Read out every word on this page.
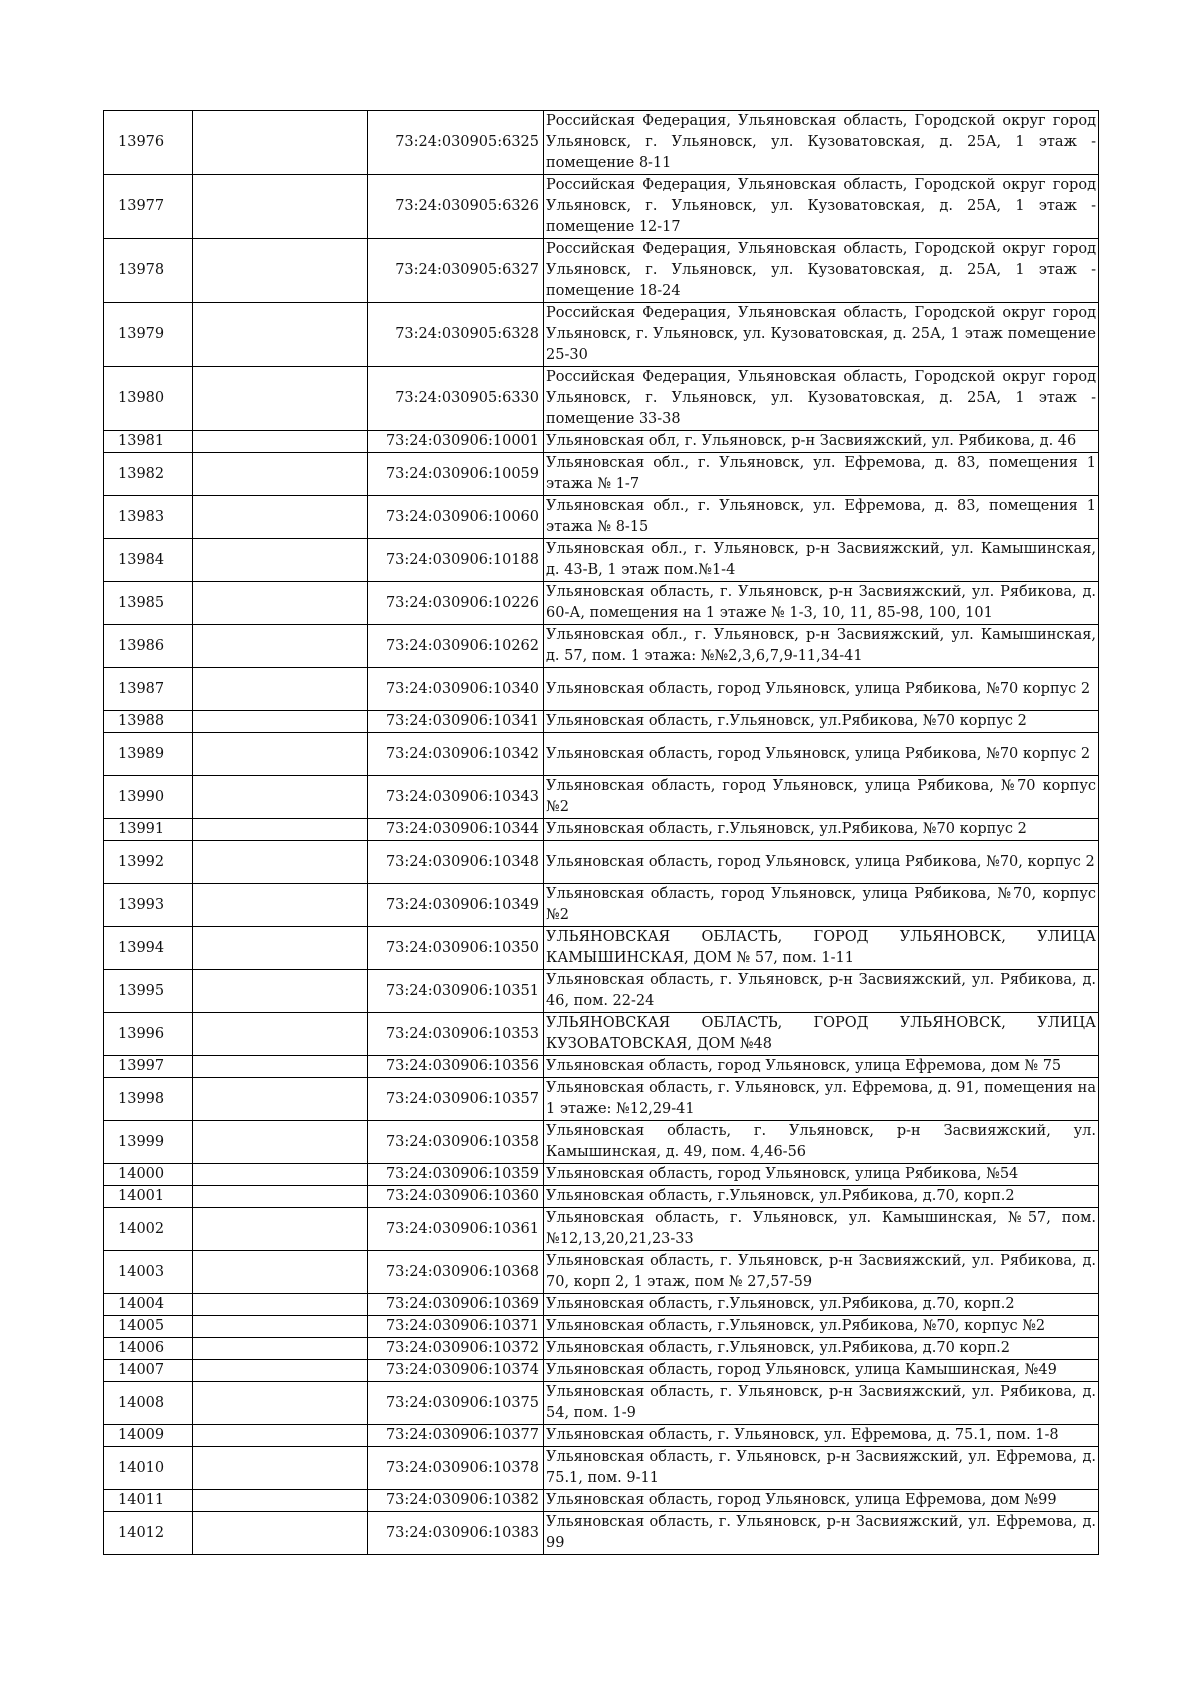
13976		73:24:030905:6325	Российская Федерация, Ульяновская область, Городской округ город Ульяновск, г. Ульяновск, ул. Кузоватовская, д. 25А, 1 этаж - помещение 8-11
13977		73:24:030905:6326	Российская Федерация, Ульяновская область, Городской округ город Ульяновск, г. Ульяновск, ул. Кузоватовская, д. 25А, 1 этаж - помещение 12-17
13978		73:24:030905:6327	Российская Федерация, Ульяновская область, Городской округ город Ульяновск, г. Ульяновск, ул. Кузоватовская, д. 25А, 1 этаж - помещение 18-24
13979		73:24:030905:6328	Российская Федерация, Ульяновская область, Городской округ город Ульяновск, г. Ульяновск, ул. Кузоватовская, д. 25А, 1 этаж помещение 25-30
13980		73:24:030905:6330	Российская Федерация, Ульяновская область, Городской округ город Ульяновск, г. Ульяновск, ул. Кузоватовская, д. 25А, 1 этаж - помещение 33-38
13981		73:24:030906:10001	Ульяновская обл, г. Ульяновск, р-н Засвияжский, ул. Рябикова, д. 46
13982		73:24:030906:10059	Ульяновская обл., г. Ульяновск, ул. Ефремова, д. 83, помещения 1 этажа № 1-7
13983		73:24:030906:10060	Ульяновская обл., г. Ульяновск, ул. Ефремова, д. 83, помещения 1 этажа № 8-15
13984		73:24:030906:10188	Ульяновская обл., г. Ульяновск, р-н Засвияжский, ул. Камышинская, д. 43-В, 1 этаж пом.№1-4
13985		73:24:030906:10226	Ульяновская область, г. Ульяновск, р-н Засвияжский, ул. Рябикова, д. 60-А, помещения на 1 этаже № 1-3, 10, 11, 85-98, 100, 101
13986		73:24:030906:10262	Ульяновская обл., г. Ульяновск, р-н Засвияжский, ул. Камышинская, д. 57, пом. 1 этажа: №№2,3,6,7,9-11,34-41
13987		73:24:030906:10340	Ульяновская область, город Ульяновск, улица Рябикова, №70 корпус 2
13988		73:24:030906:10341	Ульяновская область, г.Ульяновск, ул.Рябикова, №70 корпус 2
13989		73:24:030906:10342	Ульяновская область, город Ульяновск, улица Рябикова, №70 корпус 2
13990		73:24:030906:10343	Ульяновская область, город Ульяновск, улица Рябикова, №70 корпус №2
13991		73:24:030906:10344	Ульяновская область, г.Ульяновск, ул.Рябикова, №70 корпус 2
13992		73:24:030906:10348	Ульяновская область, город Ульяновск, улица Рябикова, №70, корпус 2
13993		73:24:030906:10349	Ульяновская область, город Ульяновск, улица Рябикова, №70, корпус №2
13994		73:24:030906:10350	УЛЬЯНОВСКАЯ ОБЛАСТЬ, ГОРОД УЛЬЯНОВСК, УЛИЦА КАМЫШИНСКАЯ, ДОМ № 57, пом. 1-11
13995		73:24:030906:10351	Ульяновская область, г. Ульяновск, р-н Засвияжский, ул. Рябикова, д. 46, пом. 22-24
13996		73:24:030906:10353	УЛЬЯНОВСКАЯ ОБЛАСТЬ, ГОРОД УЛЬЯНОВСК, УЛИЦА КУЗОВАТОВСКАЯ, ДОМ №48
13997		73:24:030906:10356	Ульяновская область, город Ульяновск, улица Ефремова, дом № 75
13998		73:24:030906:10357	Ульяновская область, г. Ульяновск, ул. Ефремова, д. 91, помещения на 1 этаже: №12,29-41
13999		73:24:030906:10358	Ульяновская область, г. Ульяновск, р-н Засвияжский, ул. Камышинская, д. 49, пом. 4,46-56
14000		73:24:030906:10359	Ульяновская область, город Ульяновск, улица Рябикова, №54
14001		73:24:030906:10360	Ульяновская область, г.Ульяновск, ул.Рябикова, д.70, корп.2
14002		73:24:030906:10361	Ульяновская область, г. Ульяновск, ул. Камышинская, №57, пом. №12,13,20,21,23-33
14003		73:24:030906:10368	Ульяновская область, г. Ульяновск, р-н Засвияжский, ул. Рябикова, д. 70, корп 2, 1 этаж, пом № 27,57-59
14004		73:24:030906:10369	Ульяновская область, г.Ульяновск, ул.Рябикова, д.70, корп.2
14005		73:24:030906:10371	Ульяновская область, г.Ульяновск, ул.Рябикова, №70, корпус №2
14006		73:24:030906:10372	Ульяновская область, г.Ульяновск, ул.Рябикова, д.70 корп.2
14007		73:24:030906:10374	Ульяновская область, город Ульяновск, улица Камышинская, №49
14008		73:24:030906:10375	Ульяновская область, г. Ульяновск, р-н Засвияжский, ул. Рябикова, д. 54, пом. 1-9
14009		73:24:030906:10377	Ульяновская область, г. Ульяновск, ул. Ефремова, д. 75.1, пом. 1-8
14010		73:24:030906:10378	Ульяновская область, г. Ульяновск, р-н Засвияжский, ул. Ефремова, д. 75.1, пом. 9-11
14011		73:24:030906:10382	Ульяновская область, город Ульяновск, улица Ефремова, дом №99
14012		73:24:030906:10383	Ульяновская область, г. Ульяновск, р-н Засвияжский, ул. Ефремова, д. 99
